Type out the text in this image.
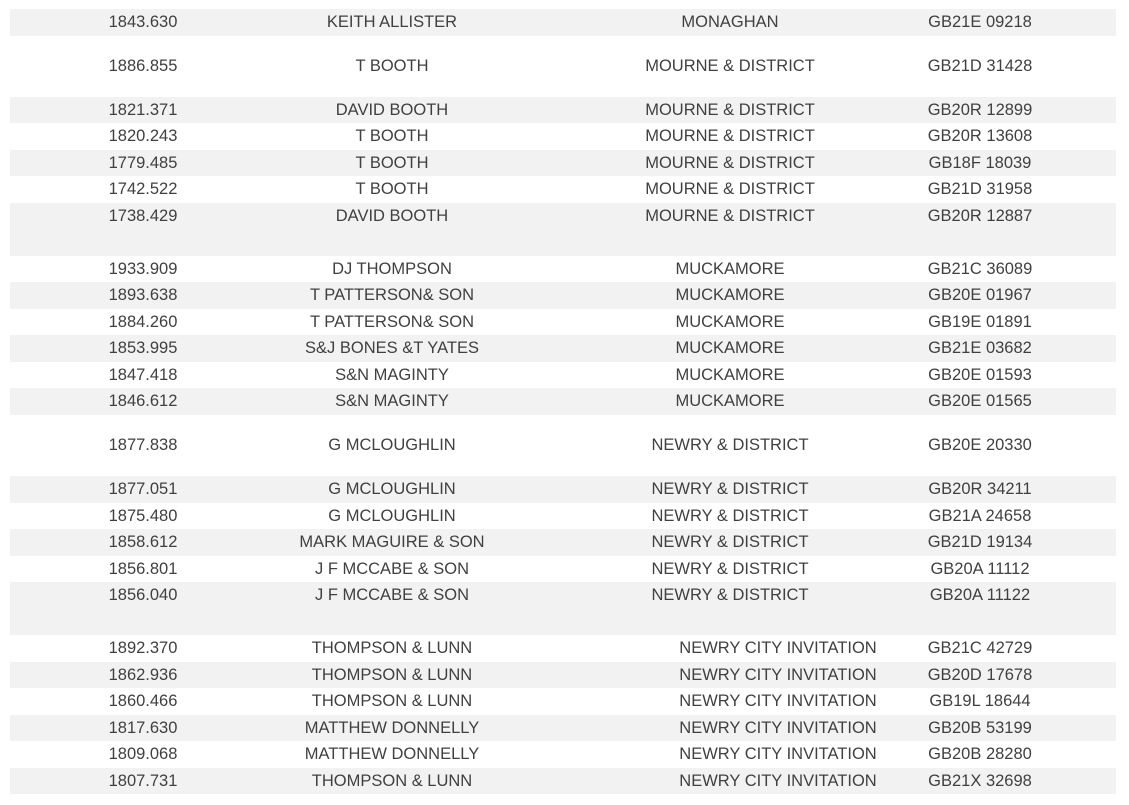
1843.630	KEITH ALLISTER	MONAGHAN	GB21E 09218
1886.855	T BOOTH	MOURNE & DISTRICT	GB21D 31428
1821.371	DAVID BOOTH	MOURNE & DISTRICT	GB20R 12899
1820.243	T BOOTH	MOURNE & DISTRICT	GB20R 13608
1779.485	T BOOTH	MOURNE & DISTRICT	GB18F 18039
1742.522	T BOOTH	MOURNE & DISTRICT	GB21D 31958
1738.429	DAVID BOOTH	MOURNE & DISTRICT	GB20R 12887
1933.909	DJ THOMPSON	MUCKAMORE	GB21C 36089
1893.638	T PATTERSON& SON	MUCKAMORE	GB20E 01967
1884.260	T PATTERSON& SON	MUCKAMORE	GB19E 01891
1853.995	S&J BONES &T YATES	MUCKAMORE	GB21E 03682
1847.418	S&N MAGINTY	MUCKAMORE	GB20E 01593
1846.612	S&N MAGINTY	MUCKAMORE	GB20E 01565
1877.838	G MCLOUGHLIN	NEWRY & DISTRICT	GB20E 20330
1877.051	G MCLOUGHLIN	NEWRY & DISTRICT	GB20R 34211
1875.480	G MCLOUGHLIN	NEWRY & DISTRICT	GB21A 24658
1858.612	MARK MAGUIRE & SON	NEWRY & DISTRICT	GB21D 19134
1856.801	J F MCCABE & SON	NEWRY & DISTRICT	GB20A 11112
1856.040	J F MCCABE & SON	NEWRY & DISTRICT	GB20A 11122
1892.370	THOMPSON & LUNN	NEWRY CITY INVITATION	GB21C 42729
1862.936	THOMPSON & LUNN	NEWRY CITY INVITATION	GB20D 17678
1860.466	THOMPSON & LUNN	NEWRY CITY INVITATION	GB19L 18644
1817.630	MATTHEW DONNELLY	NEWRY CITY INVITATION	GB20B 53199
1809.068	MATTHEW DONNELLY	NEWRY CITY INVITATION	GB20B 28280
1807.731	THOMPSON & LUNN	NEWRY CITY INVITATION	GB21X 32698
